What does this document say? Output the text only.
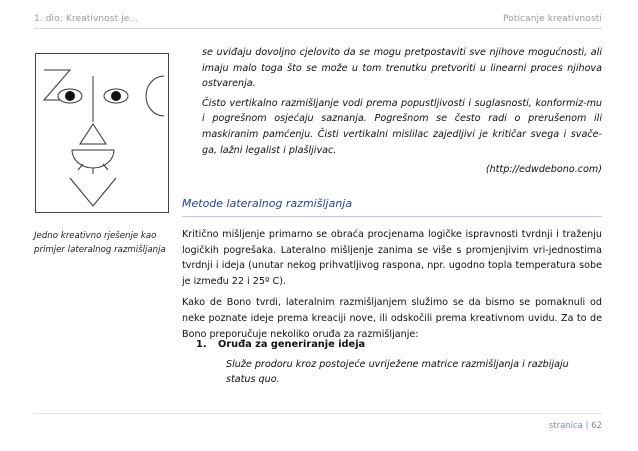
1. dio: Kreativnost je...	Poticanje kreativnosti
Jedno kreativno rješenje kao primjer lateralnog razmišljanja

se uviđaju dovoljno cjelovito da se mogu pretpostaviti sve njihove mogućnosti, ali imaju malo toga što se može u tom trenutku pretvoriti u linearni proces njihova ostvarenja.

Čisto vertikalno razmišljanje vodi prema popustljivosti i suglasnosti, konformiz-mu i pogrešnom osjećaju saznanja. Pogrešnom se često radi o prerušenom ili maskiranim pamćenju. Čisti vertikalni mislilac zajedljivi je kritičar svega i svače-ga, lažni legalist i plašljivac.

(http://edwdebono.com)
Metode lateralnog razmišljanja

Kritično mišljenje primarno se obraća procjenama logičke ispravnosti tvrdnji i traženju logičkih pogrešaka. Lateralno mišljenje zanima se više s promjenjivim vri-jednostima tvrdnji i ideja (unutar nekog prihvatljivog raspona, npr. ugodno topla temperatura sobe je između 22 i 25º C).

Kako de Bono tvrdi, lateralnim razmišljanjem služimo se da bismo se pomaknuli od neke poznate ideje prema kreaciji nove, ili odskočili prema kreativnom uvidu. Za to de Bono preporučuje nekoliko oruđa za razmišljanje:

1. Oruđa za generiranje ideja
Služe prodoru kroz postojeće uvriježene matrice razmišljanja i razbijaju status quo.
stranica | 62
